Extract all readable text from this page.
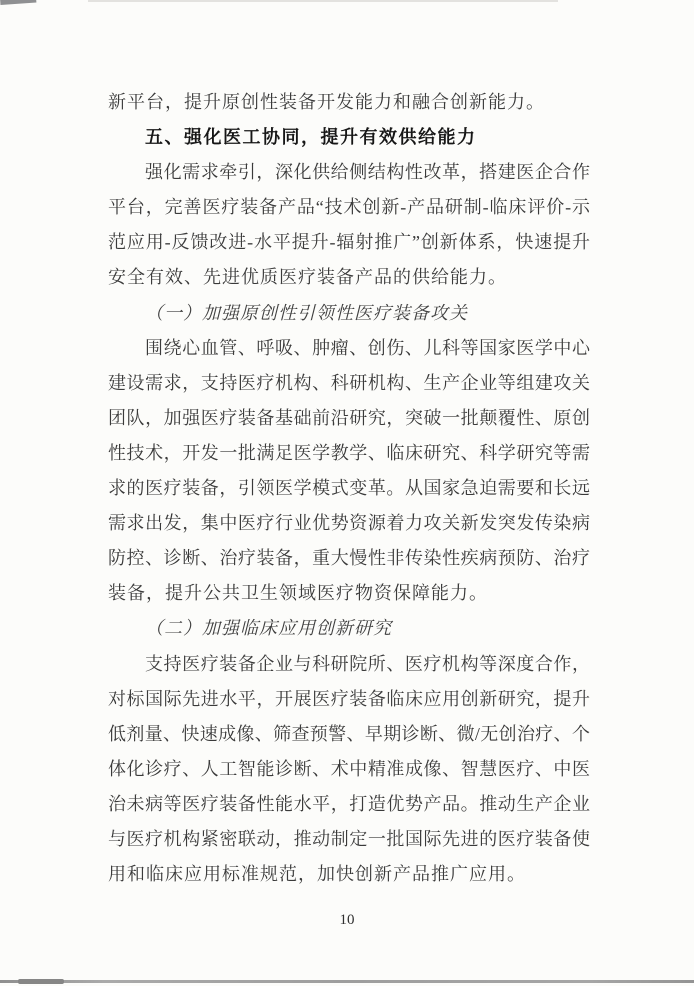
新平台，提升原创性装备开发能力和融合创新能力。
五、强化医工协同，提升有效供给能力
强化需求牵引，深化供给侧结构性改革，搭建医企合作
平台，完善医疗装备产品“技术创新-产品研制-临床评价-示
范应用-反馈改进-水平提升-辐射推广”创新体系，快速提升
安全有效、先进优质医疗装备产品的供给能力。
（一）加强原创性引领性医疗装备攻关
围绕心血管、呼吸、肿瘤、创伤、儿科等国家医学中心
建设需求，支持医疗机构、科研机构、生产企业等组建攻关
团队，加强医疗装备基础前沿研究，突破一批颠覆性、原创
性技术，开发一批满足医学教学、临床研究、科学研究等需
求的医疗装备，引领医学模式变革。从国家急迫需要和长远
需求出发，集中医疗行业优势资源着力攻关新发突发传染病
防控、诊断、治疗装备，重大慢性非传染性疾病预防、治疗
装备，提升公共卫生领域医疗物资保障能力。
（二）加强临床应用创新研究
支持医疗装备企业与科研院所、医疗机构等深度合作，
对标国际先进水平，开展医疗装备临床应用创新研究，提升
低剂量、快速成像、筛查预警、早期诊断、微/无创治疗、个
体化诊疗、人工智能诊断、术中精准成像、智慧医疗、中医
治未病等医疗装备性能水平，打造优势产品。推动生产企业
与医疗机构紧密联动，推动制定一批国际先进的医疗装备使
用和临床应用标准规范，加快创新产品推广应用。
10
